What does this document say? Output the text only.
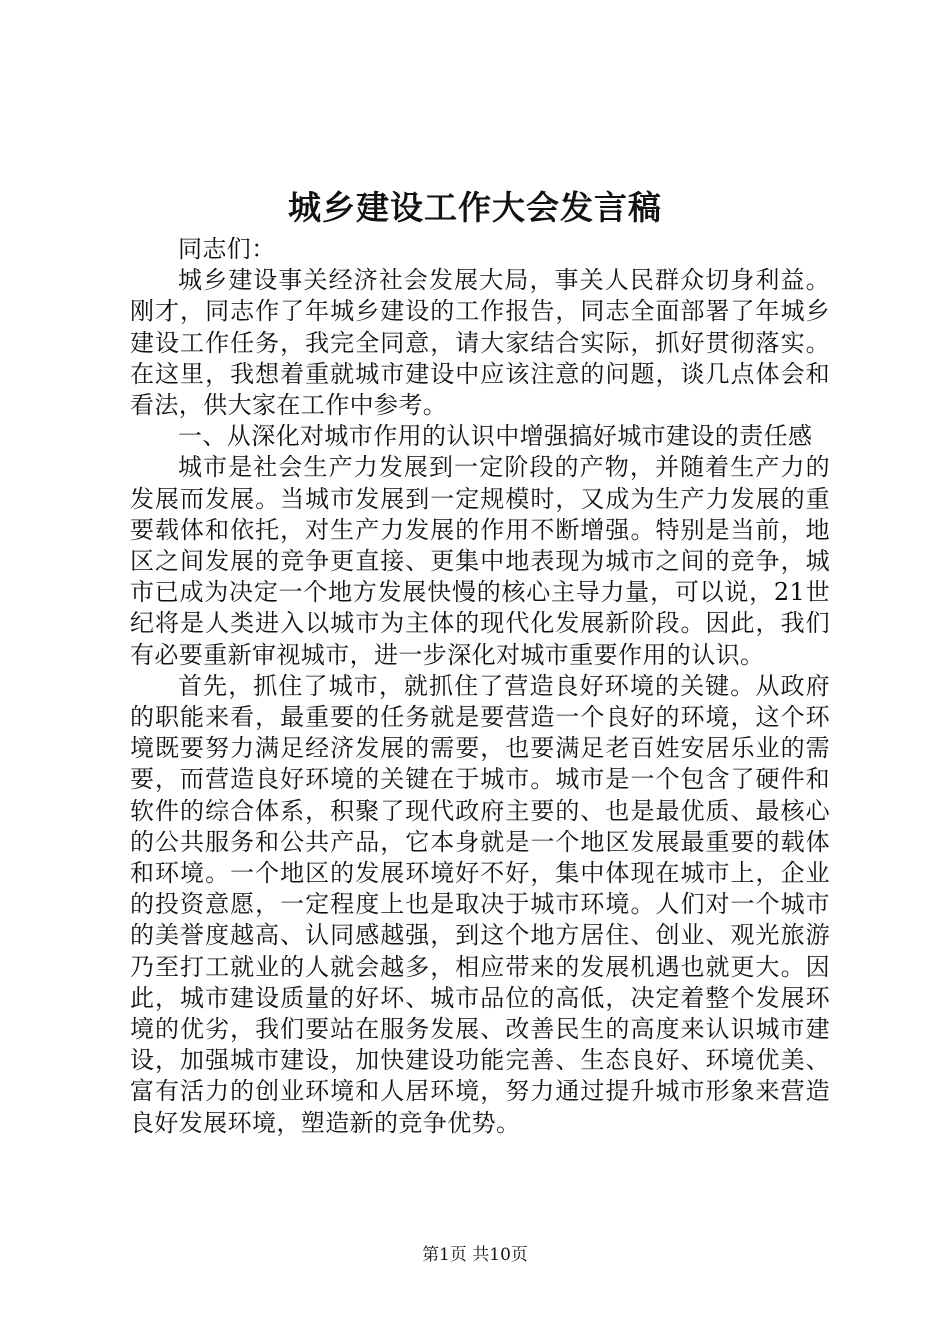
城乡建设工作大会发言稿

同志们：

城乡建设事关经济社会发展大局，事关人民群众切身利益。刚才，同志作了年城乡建设的工作报告，同志全面部署了年城乡建设工作任务，我完全同意，请大家结合实际，抓好贯彻落实。在这里，我想着重就城市建设中应该注意的问题，谈几点体会和看法，供大家在工作中参考。

一、从深化对城市作用的认识中增强搞好城市建设的责任感

城市是社会生产力发展到一定阶段的产物，并随着生产力的发展而发展。当城市发展到一定规模时，又成为生产力发展的重要载体和依托，对生产力发展的作用不断增强。特别是当前，地区之间发展的竞争更直接、更集中地表现为城市之间的竞争，城市已成为决定一个地方发展快慢的核心主导力量，可以说，21世纪将是人类进入以城市为主体的现代化发展新阶段。因此，我们有必要重新审视城市，进一步深化对城市重要作用的认识。

首先，抓住了城市，就抓住了营造良好环境的关键。从政府的职能来看，最重要的任务就是要营造一个良好的环境，这个环境既要努力满足经济发展的需要，也要满足老百姓安居乐业的需要，而营造良好环境的关键在于城市。城市是一个包含了硬件和软件的综合体系，积聚了现代政府主要的、也是最优质、最核心的公共服务和公共产品，它本身就是一个地区发展最重要的载体和环境。一个地区的发展环境好不好，集中体现在城市上，企业的投资意愿，一定程度上也是取决于城市环境。人们对一个城市的美誉度越高、认同感越强，到这个地方居住、创业、观光旅游乃至打工就业的人就会越多，相应带来的发展机遇也就更大。因此，城市建设质量的好坏、城市品位的高低，决定着整个发展环境的优劣，我们要站在服务发展、改善民生的高度来认识城市建设，加强城市建设，加快建设功能完善、生态良好、环境优美、富有活力的创业环境和人居环境，努力通过提升城市形象来营造良好发展环境，塑造新的竞争优势。

第1页 共10页
